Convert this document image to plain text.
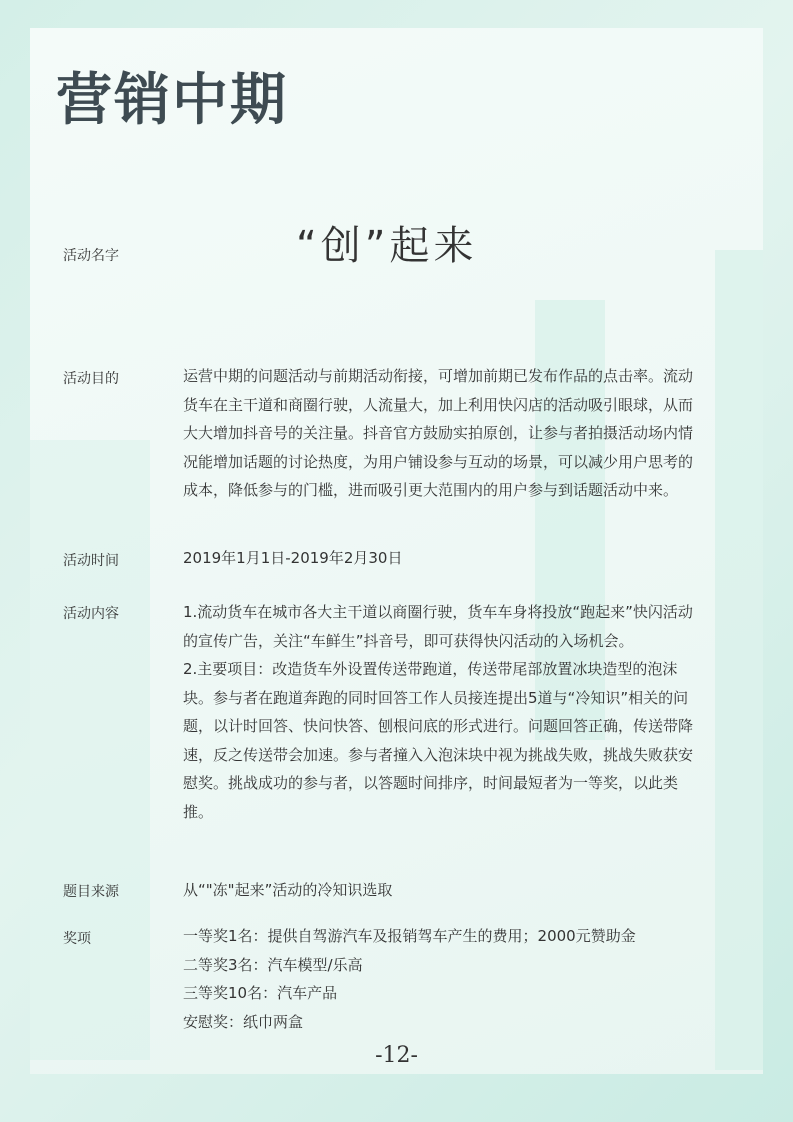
营销中期
活动名字	“创”起来
活动目的	运营中期的问题活动与前期活动衔接，可增加前期已发布作品的点击率。流动货车在主干道和商圈行驶，人流量大，加上利用快闪店的活动吸引眼球，从而大大增加抖音号的关注量。抖音官方鼓励实拍原创，让参与者拍摄活动场内情况能增加话题的讨论热度，为用户铺设参与互动的场景，可以减少用户思考的成本，降低参与的门槛，进而吸引更大范围内的用户参与到话题活动中来。

活动时间	2019年1月1日-2019年2月30日
活动内容	1.流动货车在城市各大主干道以商圈行驶，货车车身将投放“跑起来”快闪活动的宣传广告，关注“车鲜生”抖音号，即可获得快闪活动的入场机会。
2.主要项目：改造货车外设置传送带跑道，传送带尾部放置冰块造型的泡沫块。参与者在跑道奔跑的同时回答工作人员接连提出5道与“冷知识”相关的问题，以计时回答、快问快答、刨根问底的形式进行。问题回答正确，传送带降速，反之传送带会加速。参与者撞入入泡沫块中视为挑战失败，挑战失败获安慰奖。挑战成功的参与者，以答题时间排序，时间最短者为一等奖，以此类推。
题目来源	从“"冻"起来”活动的冷知识选取
奖项	一等奖1名：提供自驾游汽车及报销驾车产生的费用；2000元赞助金
二等奖3名：汽车模型/乐高
三等奖10名：汽车产品
安慰奖：纸巾两盒
-12-
